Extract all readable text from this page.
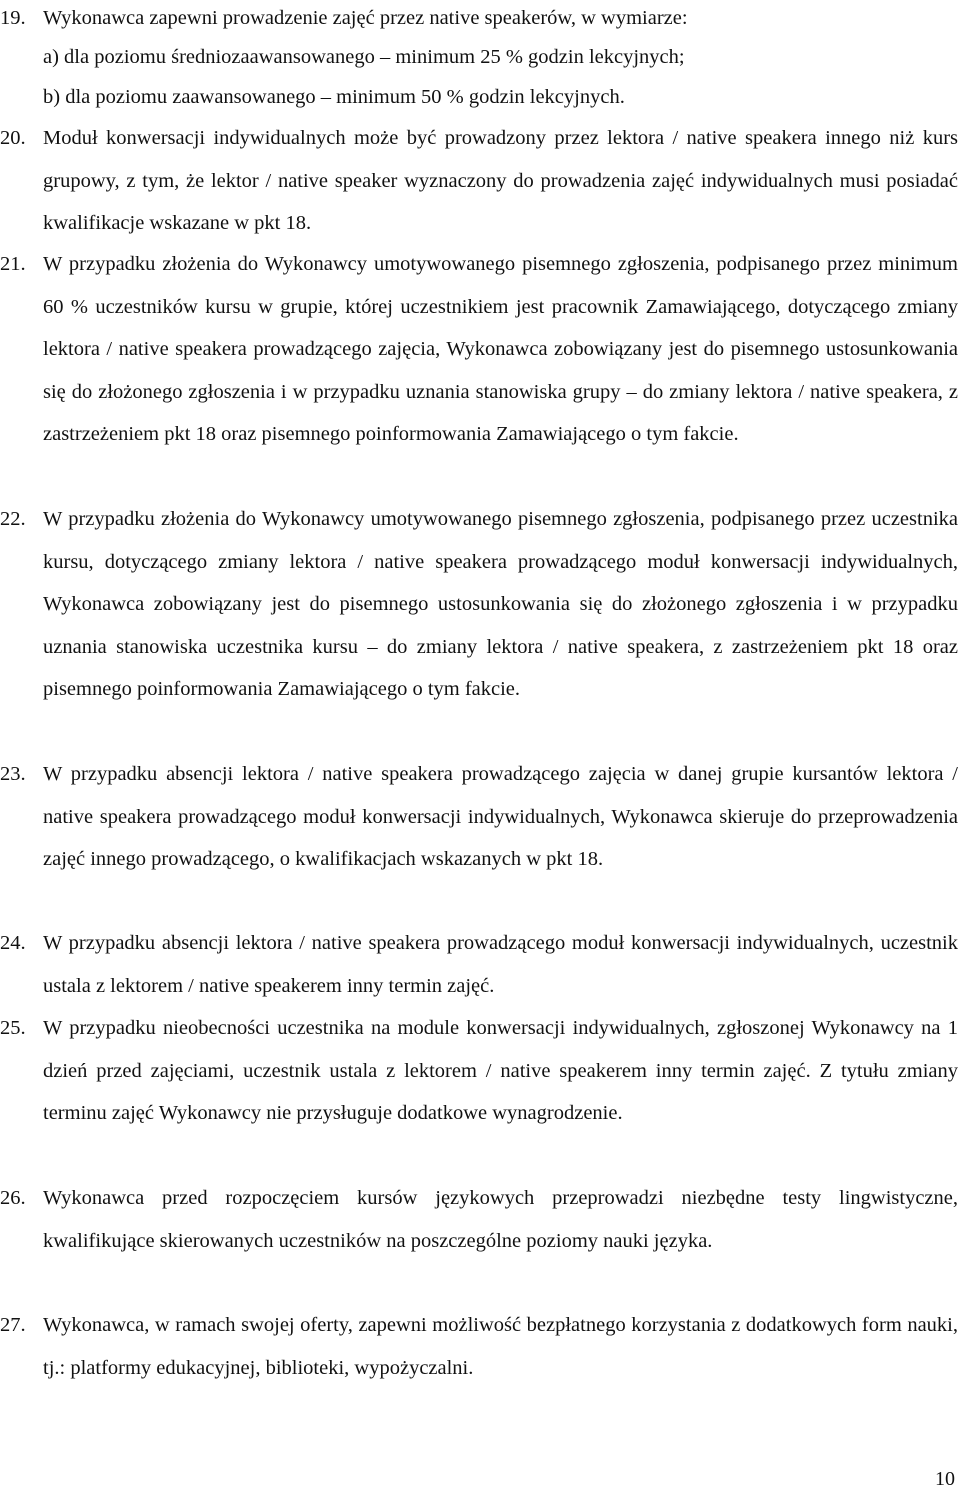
19. Wykonawca zapewni prowadzenie zajęć przez native speakerów, w wymiarze:
a) dla poziomu średniozaawansowanego – minimum 25 % godzin lekcyjnych;
b) dla poziomu zaawansowanego – minimum 50 % godzin lekcyjnych.
20. Moduł konwersacji indywidualnych może być prowadzony przez lektora / native speakera innego niż kurs grupowy, z tym, że lektor / native speaker wyznaczony do prowadzenia zajęć indywidualnych musi posiadać kwalifikacje wskazane w pkt 18.
21. W przypadku złożenia do Wykonawcy umotywowanego pisemnego zgłoszenia, podpisanego przez minimum 60 % uczestników kursu w grupie, której uczestnikiem jest pracownik Zamawiającego, dotyczącego zmiany lektora / native speakera prowadzącego zajęcia, Wykonawca zobowiązany jest do pisemnego ustosunkowania się do złożonego zgłoszenia i w przypadku uznania stanowiska grupy – do zmiany lektora / native speakera, z zastrzeżeniem pkt 18 oraz pisemnego poinformowania Zamawiającego o tym fakcie.
22. W przypadku złożenia do Wykonawcy umotywowanego pisemnego zgłoszenia, podpisanego przez uczestnika kursu, dotyczącego zmiany lektora / native speakera prowadzącego moduł konwersacji indywidualnych, Wykonawca zobowiązany jest do pisemnego ustosunkowania się do złożonego zgłoszenia i w przypadku uznania stanowiska uczestnika kursu – do zmiany lektora / native speakera, z zastrzeżeniem pkt 18 oraz pisemnego poinformowania Zamawiającego o tym fakcie.
23. W przypadku absencji lektora / native speakera prowadzącego zajęcia w danej grupie kursantów lektora / native speakera prowadzącego moduł konwersacji indywidualnych, Wykonawca skieruje do przeprowadzenia zajęć innego prowadzącego, o kwalifikacjach wskazanych w pkt 18.
24. W przypadku absencji lektora / native speakera prowadzącego moduł konwersacji indywidualnych, uczestnik ustala z lektorem / native speakerem inny termin zajęć.
25. W przypadku nieobecności uczestnika na module konwersacji indywidualnych, zgłoszonej Wykonawcy na 1 dzień przed zajęciami, uczestnik ustala z lektorem / native speakerem inny termin zajęć. Z tytułu zmiany terminu zajęć Wykonawcy nie przysługuje dodatkowe wynagrodzenie.
26. Wykonawca przed rozpoczęciem kursów językowych przeprowadzi niezbędne testy lingwistyczne, kwalifikujące skierowanych uczestników na poszczególne poziomy nauki języka.
27. Wykonawca, w ramach swojej oferty, zapewni możliwość bezpłatnego korzystania z dodatkowych form nauki, tj.: platformy edukacyjnej, biblioteki, wypożyczalni.
10
